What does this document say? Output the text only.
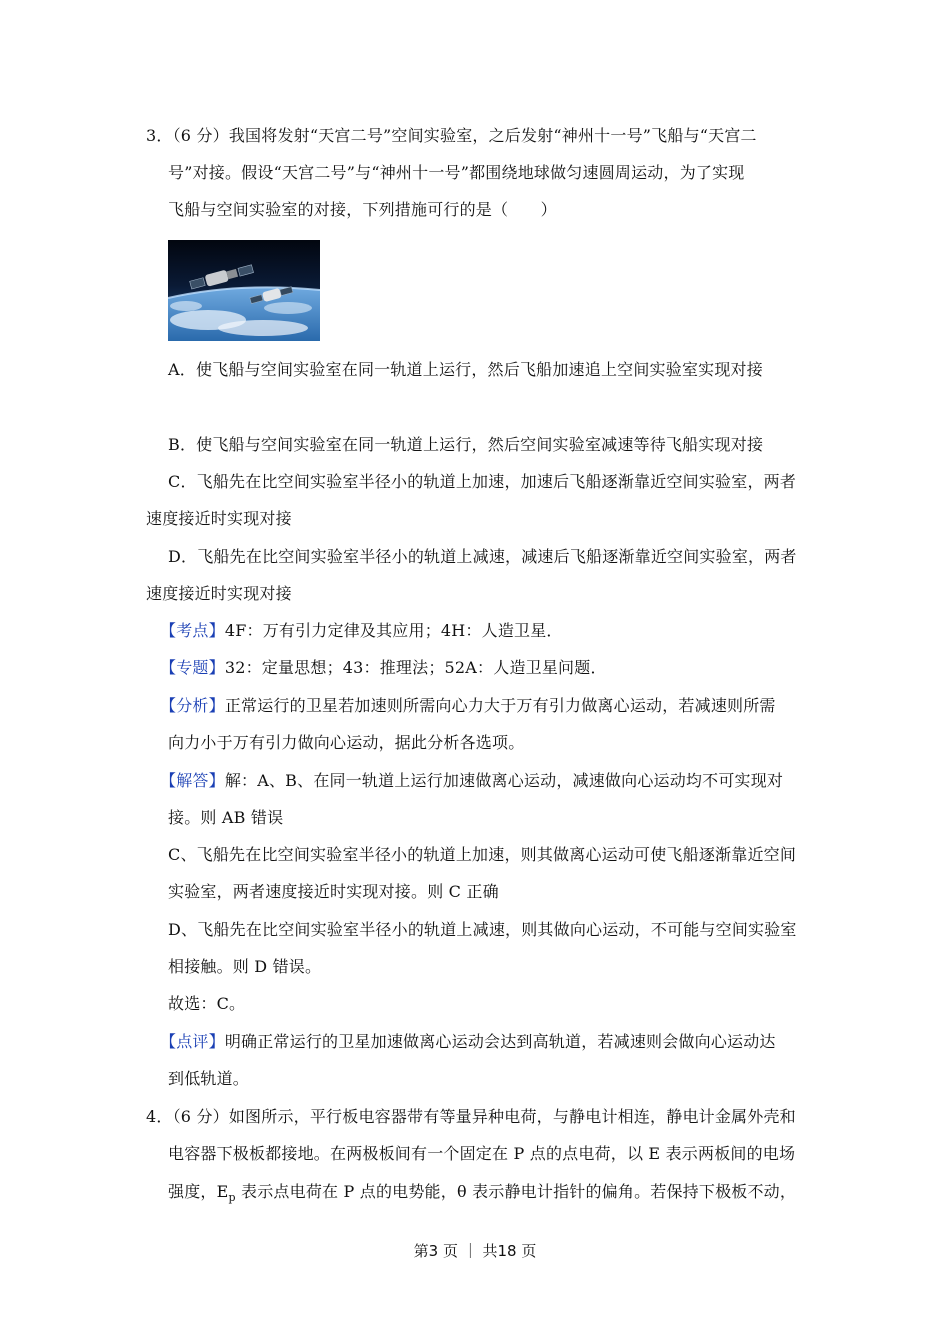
3．（6 分）我国将发射“天宫二号”空间实验室，之后发射“神州十一号”飞船与“天宫二
号”对接。假设“天宫二号”与“神州十一号”都围绕地球做匀速圆周运动，为了实现
飞船与空间实验室的对接，下列措施可行的是（　　）
A．使飞船与空间实验室在同一轨道上运行，然后飞船加速追上空间实验室实现对接
B．使飞船与空间实验室在同一轨道上运行，然后空间实验室减速等待飞船实现对接
C．飞船先在比空间实验室半径小的轨道上加速，加速后飞船逐渐靠近空间实验室，两者
速度接近时实现对接
D．飞船先在比空间实验室半径小的轨道上减速，减速后飞船逐渐靠近空间实验室，两者
速度接近时实现对接
【考点】4F：万有引力定律及其应用；4H：人造卫星．
【专题】32：定量思想；43：推理法；52A：人造卫星问题．
【分析】正常运行的卫星若加速则所需向心力大于万有引力做离心运动，若减速则所需
向力小于万有引力做向心运动，据此分析各选项。
【解答】解：A、B、在同一轨道上运行加速做离心运动，减速做向心运动均不可实现对
接。则 AB 错误
C、飞船先在比空间实验室半径小的轨道上加速，则其做离心运动可使飞船逐渐靠近空间
实验室，两者速度接近时实现对接。则 C 正确
D、飞船先在比空间实验室半径小的轨道上减速，则其做向心运动，不可能与空间实验室
相接触。则 D 错误。
故选：C。
【点评】明确正常运行的卫星加速做离心运动会达到高轨道，若减速则会做向心运动达
到低轨道。
4．（6 分）如图所示，平行板电容器带有等量异种电荷，与静电计相连，静电计金属外壳和
电容器下极板都接地。在两极板间有一个固定在 P 点的点电荷，以 E 表示两板间的电场
强度，$E_p$ 表示点电荷在 P 点的电势能，θ 表示静电计指针的偏角。若保持下极板不动，
第3 页 ｜ 共18 页
